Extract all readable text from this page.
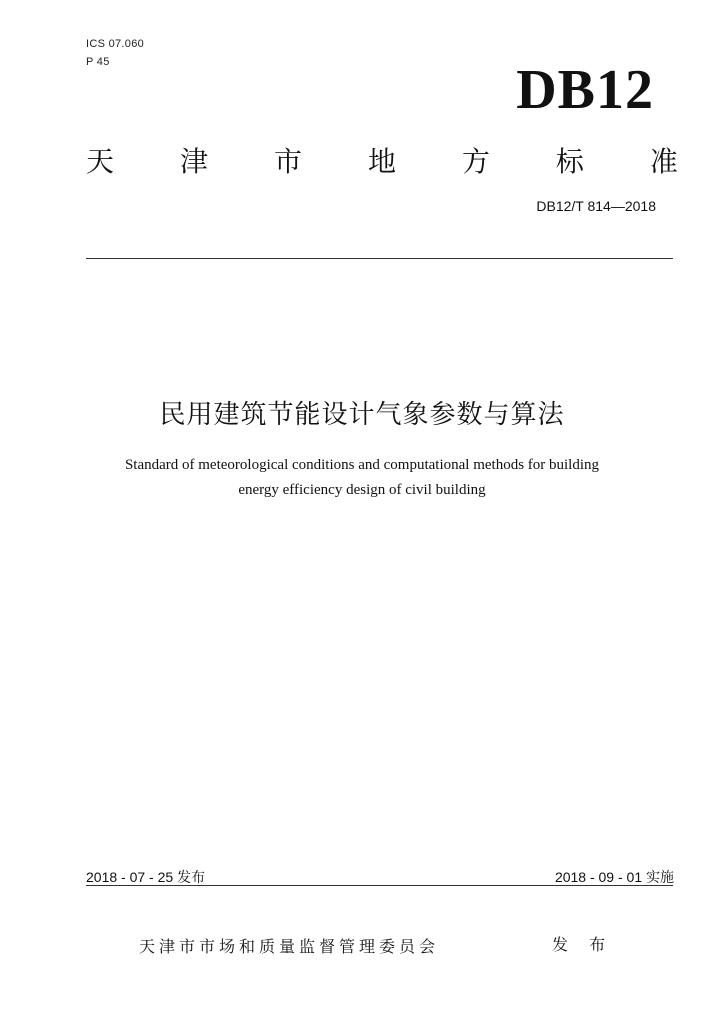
ICS 07.060
P 45	DB12
天 津 市 地 方 标 准
DB12/T 814—2018
民用建筑节能设计气象参数与算法
Standard of meteorological conditions and computational methods for building
energy efficiency design of civil building
2018 - 07 - 25 发布	2018 - 09 - 01 实施
天津市市场和质量监督管理委员会	发 布
